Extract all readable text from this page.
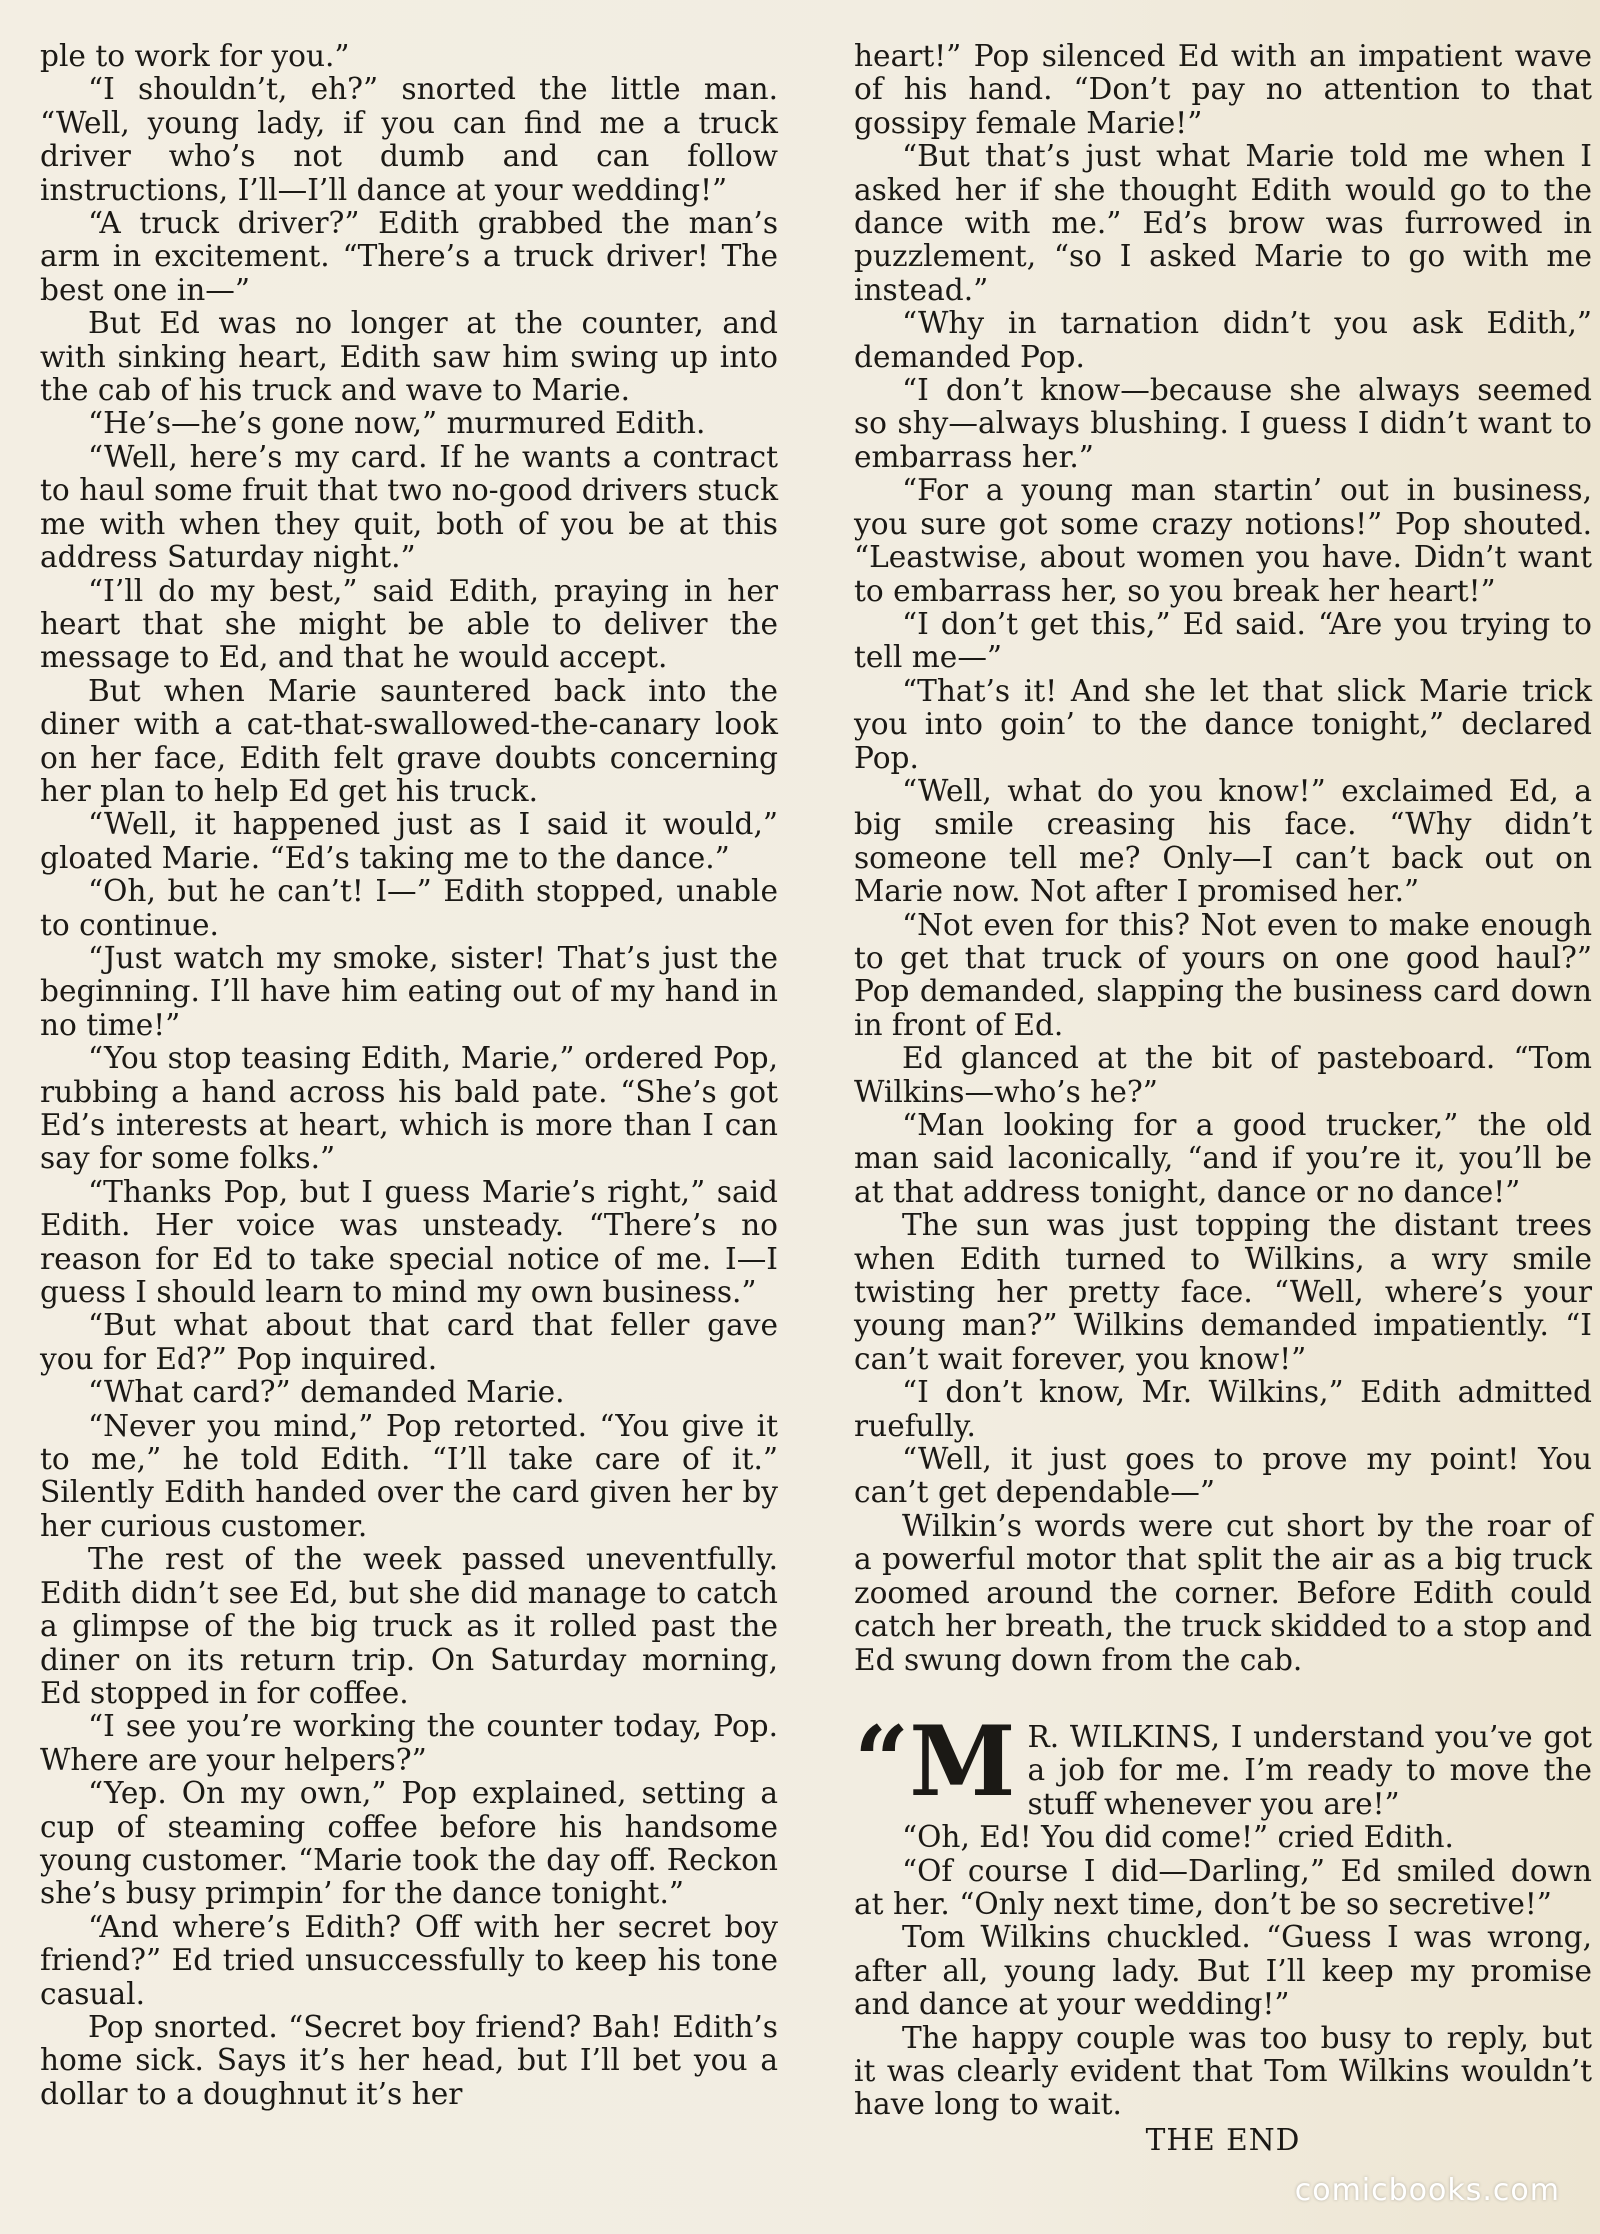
ple to work for you.”

“I shouldn’t, eh?” snorted the little man. “Well, young lady, if you can find me a truck driver who’s not dumb and can follow instructions, I’ll—I’ll dance at your wedding!”

“A truck driver?” Edith grabbed the man’s arm in excitement. “There’s a truck driver! The best one in—”

But Ed was no longer at the counter, and with sinking heart, Edith saw him swing up into the cab of his truck and wave to Marie.

“He’s—he’s gone now,” murmured Edith.

“Well, here’s my card. If he wants a contract to haul some fruit that two no-good drivers stuck me with when they quit, both of you be at this address Saturday night.”

“I’ll do my best,” said Edith, praying in her heart that she might be able to deliver the message to Ed, and that he would accept.

But when Marie sauntered back into the diner with a cat-that-swallowed-the-canary look on her face, Edith felt grave doubts concerning her plan to help Ed get his truck.

“Well, it happened just as I said it would,” gloated Marie. “Ed’s taking me to the dance.”

“Oh, but he can’t! I—” Edith stopped, unable to continue.

“Just watch my smoke, sister! That’s just the beginning. I’ll have him eating out of my hand in no time!”

“You stop teasing Edith, Marie,” ordered Pop, rubbing a hand across his bald pate. “She’s got Ed’s interests at heart, which is more than I can say for some folks.”

“Thanks Pop, but I guess Marie’s right,” said Edith. Her voice was unsteady. “There’s no reason for Ed to take special notice of me. I—I guess I should learn to mind my own business.”

“But what about that card that feller gave you for Ed?” Pop inquired.

“What card?” demanded Marie.

“Never you mind,” Pop retorted. “You give it to me,” he told Edith. “I’ll take care of it.” Silently Edith handed over the card given her by her curious customer.

The rest of the week passed uneventfully. Edith didn’t see Ed, but she did manage to catch a glimpse of the big truck as it rolled past the diner on its return trip. On Saturday morning, Ed stopped in for coffee.

“I see you’re working the counter today, Pop. Where are your helpers?”

“Yep. On my own,” Pop explained, setting a cup of steaming coffee before his handsome young customer. “Marie took the day off. Reckon she’s busy primpin’ for the dance tonight.”

“And where’s Edith? Off with her secret boy friend?” Ed tried unsuccessfully to keep his tone casual.

Pop snorted. “Secret boy friend? Bah! Edith’s home sick. Says it’s her head, but I’ll bet you a dollar to a doughnut it’s her

heart!” Pop silenced Ed with an impatient wave of his hand. “Don’t pay no attention to that gossipy female Marie!”

“But that’s just what Marie told me when I asked her if she thought Edith would go to the dance with me.” Ed’s brow was furrowed in puzzlement, “so I asked Marie to go with me instead.”

“Why in tarnation didn’t you ask Edith,” demanded Pop.

“I don’t know—because she always seemed so shy—always blushing. I guess I didn’t want to embarrass her.”

“For a young man startin’ out in business, you sure got some crazy notions!” Pop shouted. “Leastwise, about women you have. Didn’t want to embarrass her, so you break her heart!”

“I don’t get this,” Ed said. “Are you trying to tell me—”

“That’s it! And she let that slick Marie trick you into goin’ to the dance tonight,” declared Pop.

“Well, what do you know!” exclaimed Ed, a big smile creasing his face. “Why didn’t someone tell me? Only—I can’t back out on Marie now. Not after I promised her.”

“Not even for this? Not even to make enough to get that truck of yours on one good haul?” Pop demanded, slapping the business card down in front of Ed.

Ed glanced at the bit of pasteboard. “Tom Wilkins—who’s he?”

“Man looking for a good trucker,” the old man said laconically, “and if you’re it, you’ll be at that address tonight, dance or no dance!”

The sun was just topping the distant trees when Edith turned to Wilkins, a wry smile twisting her pretty face. “Well, where’s your young man?” Wilkins demanded impatiently. “I can’t wait forever, you know!”

“I don’t know, Mr. Wilkins,” Edith admitted ruefully.

“Well, it just goes to prove my point! You can’t get dependable—”

Wilkin’s words were cut short by the roar of a powerful motor that split the air as a big truck zoomed around the corner. Before Edith could catch her breath, the truck skidded to a stop and Ed swung down from the cab.

“M R. WILKINS, I understand you’ve got a job for me. I’m ready to move the stuff whenever you are!”

“Oh, Ed! You did come!” cried Edith.

“Of course I did—Darling,” Ed smiled down at her. “Only next time, don’t be so secretive!”

Tom Wilkins chuckled. “Guess I was wrong, after all, young lady. But I’ll keep my promise and dance at your wedding!”

The happy couple was too busy to reply, but it was clearly evident that Tom Wilkins wouldn’t have long to wait.

THE END

comicbooks.com
